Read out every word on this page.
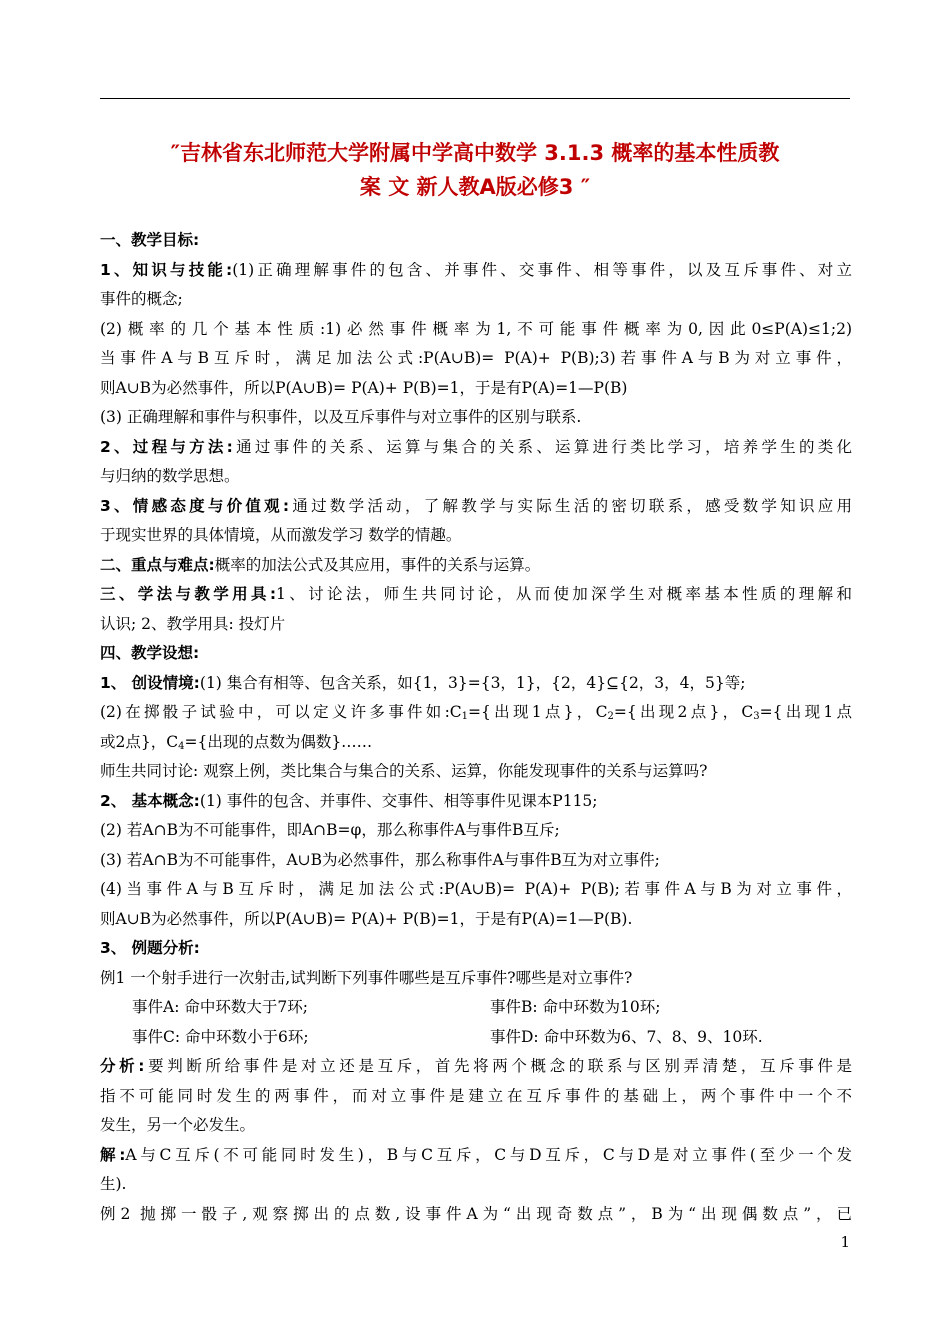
″吉林省东北师范大学附属中学高中数学 3.1.3 概率的基本性质教
案 文 新人教A版必修3 ″
一、教学目标:
1、知识与技能:(1)正确理解事件的包含、并事件、交事件、相等事件，以及互斥事件、对立
事件的概念;
(2)概率的几个基本性质:1)必然事件概率为1,不可能事件概率为0,因此0≤P(A)≤1;2)
当事件A与B互斥时，满足加法公式:P(A∪B)= P(A)+ P(B);3)若事件A与B为对立事件，
则A∪B为必然事件，所以P(A∪B)= P(A)+ P(B)=1，于是有P(A)=1—P(B)
(3) 正确理解和事件与积事件，以及互斥事件与对立事件的区别与联系.
2、过程与方法:通过事件的关系、运算与集合的关系、运算进行类比学习，培养学生的类化
与归纳的数学思想。
3、情感态度与价值观:通过数学活动，了解教学与实际生活的密切联系，感受数学知识应用
于现实世界的具体情境，从而激发学习 数学的情趣。
二、重点与难点:概率的加法公式及其应用，事件的关系与运算。
三、学法与教学用具:1、讨论法，师生共同讨论，从而使加深学生对概率基本性质的理解和
认识; 2、教学用具: 投灯片
四、教学设想:
1、 创设情境:(1) 集合有相等、包含关系，如{1，3}={3，1}，{2，4}⊆{2，3，4，5}等;
(2)在掷骰子试验中，可以定义许多事件如$:C_1=${出现1点}，$C_2=${出现2点}，$C_3=${出现1点
或2点}，$C_4=${出现的点数为偶数}……
师生共同讨论: 观察上例，类比集合与集合的关系、运算，你能发现事件的关系与运算吗?
2、 基本概念:(1) 事件的包含、并事件、交事件、相等事件见课本P115;
(2) 若A∩B为不可能事件，即A∩B=φ，那么称事件A与事件B互斥;
(3) 若A∩B为不可能事件，A∪B为必然事件，那么称事件A与事件B互为对立事件;
(4)当事件A与B互斥时，满足加法公式:P(A∪B)= P(A)+ P(B);若事件A与B为对立事件，
则A∪B为必然事件，所以P(A∪B)= P(A)+ P(B)=1，于是有P(A)=1—P(B).
3、 例题分析:
例1 一个射手进行一次射击,试判断下列事件哪些是互斥事件?哪些是对立事件?
事件A: 命中环数大于7环;	事件B: 命中环数为10环;
事件C: 命中环数小于6环;	事件D: 命中环数为6、7、8、9、10环.
分析:要判断所给事件是对立还是互斥，首先将两个概念的联系与区别弄清楚，互斥事件是
指不可能同时发生的两事件，而对立事件是建立在互斥事件的基础上，两个事件中一个不
发生，另一个必发生。
解:A与C互斥(不可能同时发生)，B与C互斥，C与D互斥，C与D是对立事件(至少一个发
生).
例2 抛掷一骰子,观察掷出的点数,设事件A为“出现奇数点”，B为“出现偶数点”，已
1
